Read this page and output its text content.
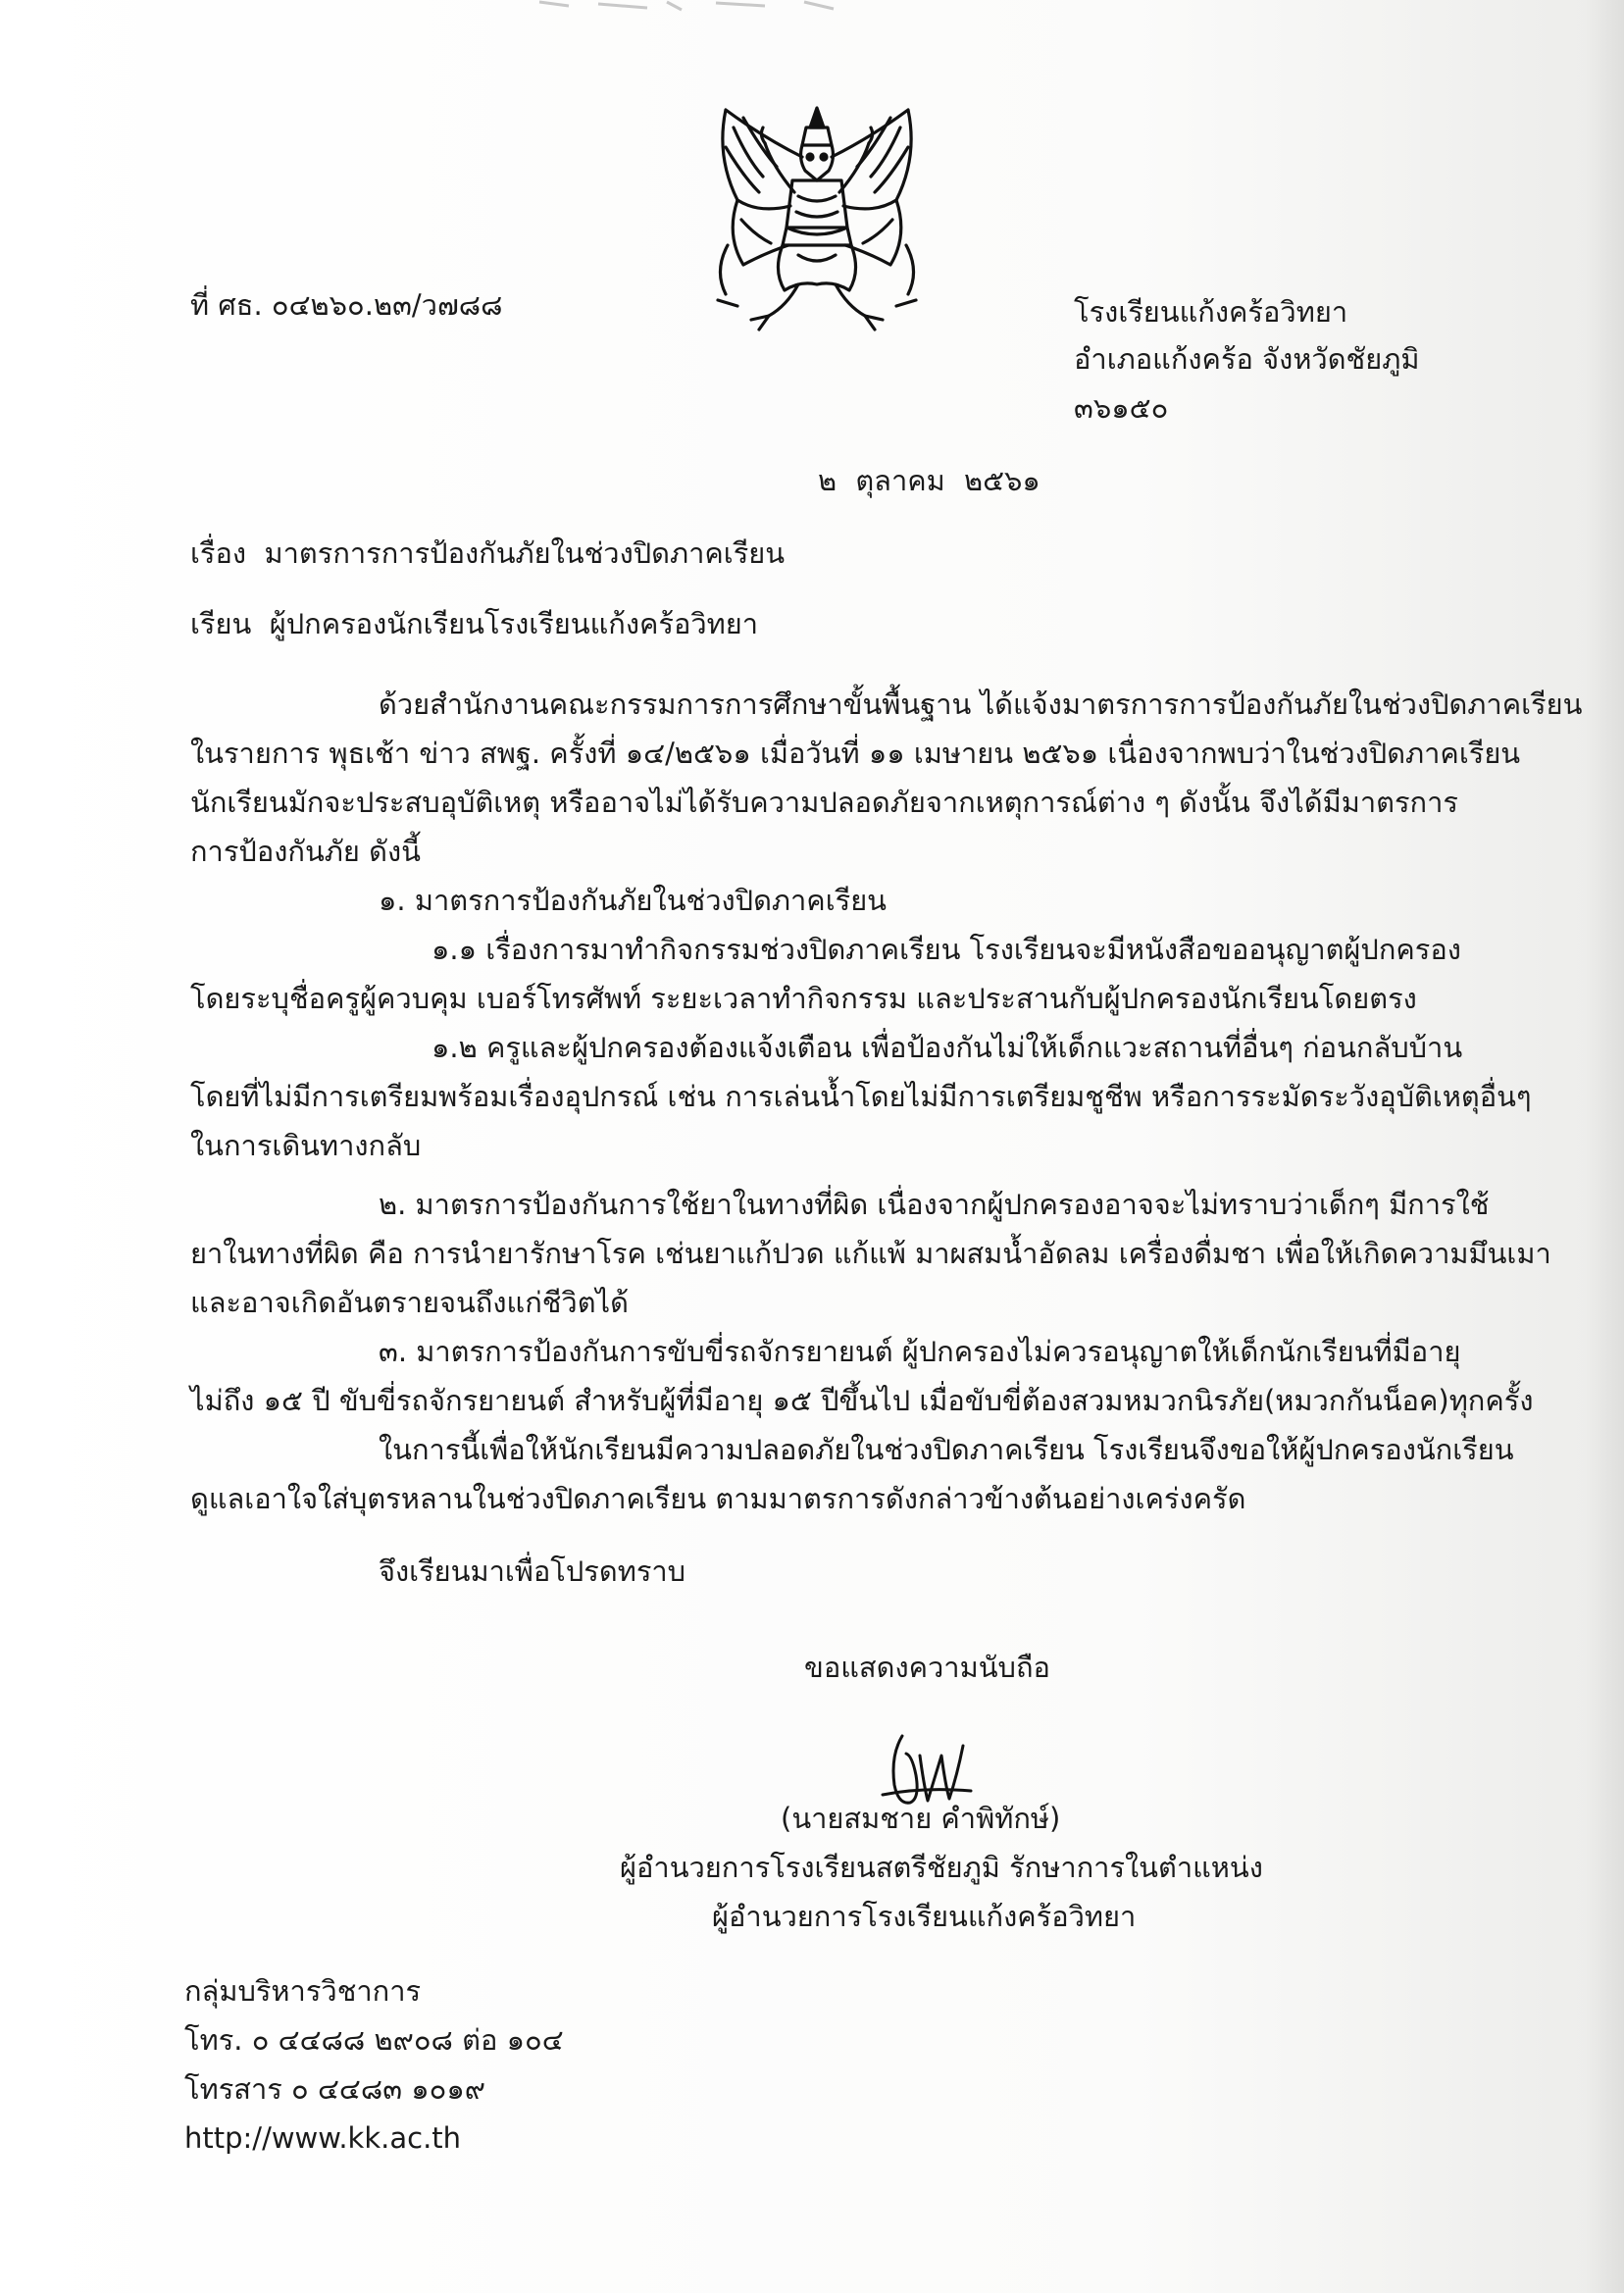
ที่ ศธ. ๐๔๒๖๐.๒๓/ว๗๘๘	โรงเรียนแก้งคร้อวิทยา
อำเภอแก้งคร้อ จังหวัดชัยภูมิ
๓๖๑๕๐
๒ ตุลาคม ๒๕๖๑
เรื่อง มาตรการการป้องกันภัยในช่วงปิดภาคเรียน
เรียน ผู้ปกครองนักเรียนโรงเรียนแก้งคร้อวิทยา
ด้วยสำนักงานคณะกรรมการการศึกษาขั้นพื้นฐาน ได้แจ้งมาตรการการป้องกันภัยในช่วงปิดภาคเรียน
ในรายการ พุธเช้า ข่าว สพฐ. ครั้งที่ ๑๔/๒๕๖๑ เมื่อวันที่ ๑๑ เมษายน ๒๕๖๑ เนื่องจากพบว่าในช่วงปิดภาคเรียน
นักเรียนมักจะประสบอุบัติเหตุ หรืออาจไม่ได้รับความปลอดภัยจากเหตุการณ์ต่าง ๆ ดังนั้น จึงได้มีมาตรการ
การป้องกันภัย ดังนี้
๑. มาตรการป้องกันภัยในช่วงปิดภาคเรียน
๑.๑ เรื่องการมาทำกิจกรรมช่วงปิดภาคเรียน โรงเรียนจะมีหนังสือขออนุญาตผู้ปกครอง
โดยระบุชื่อครูผู้ควบคุม เบอร์โทรศัพท์ ระยะเวลาทำกิจกรรม และประสานกับผู้ปกครองนักเรียนโดยตรง
๑.๒ ครูและผู้ปกครองต้องแจ้งเตือน เพื่อป้องกันไม่ให้เด็กแวะสถานที่อื่นๆ ก่อนกลับบ้าน
โดยที่ไม่มีการเตรียมพร้อมเรื่องอุปกรณ์ เช่น การเล่นน้ำโดยไม่มีการเตรียมชูชีพ หรือการระมัดระวังอุบัติเหตุอื่นๆ
ในการเดินทางกลับ
๒. มาตรการป้องกันการใช้ยาในทางที่ผิด เนื่องจากผู้ปกครองอาจจะไม่ทราบว่าเด็กๆ มีการใช้
ยาในทางที่ผิด คือ การนำยารักษาโรค เช่นยาแก้ปวด แก้แพ้ มาผสมน้ำอัดลม เครื่องดื่มชา เพื่อให้เกิดความมึนเมา
และอาจเกิดอันตรายจนถึงแก่ชีวิตได้
๓. มาตรการป้องกันการขับขี่รถจักรยายนต์ ผู้ปกครองไม่ควรอนุญาตให้เด็กนักเรียนที่มีอายุ
ไม่ถึง ๑๕ ปี ขับขี่รถจักรยายนต์ สำหรับผู้ที่มีอายุ ๑๕ ปีขึ้นไป เมื่อขับขี่ต้องสวมหมวกนิรภัย(หมวกกันน็อค)ทุกครั้ง
ในการนี้เพื่อให้นักเรียนมีความปลอดภัยในช่วงปิดภาคเรียน โรงเรียนจึงขอให้ผู้ปกครองนักเรียน
ดูแลเอาใจใส่บุตรหลานในช่วงปิดภาคเรียน ตามมาตรการดังกล่าวข้างต้นอย่างเคร่งครัด
จึงเรียนมาเพื่อโปรดทราบ
ขอแสดงความนับถือ
(นายสมชาย คำพิทักษ์)
ผู้อำนวยการโรงเรียนสตรีชัยภูมิ รักษาการในตำแหน่ง
ผู้อำนวยการโรงเรียนแก้งคร้อวิทยา
กลุ่มบริหารวิชาการ
โทร. ๐ ๔๔๘๘ ๒๙๐๘ ต่อ ๑๐๔
โทรสาร ๐ ๔๔๘๓ ๑๐๑๙
http://www.kk.ac.th
